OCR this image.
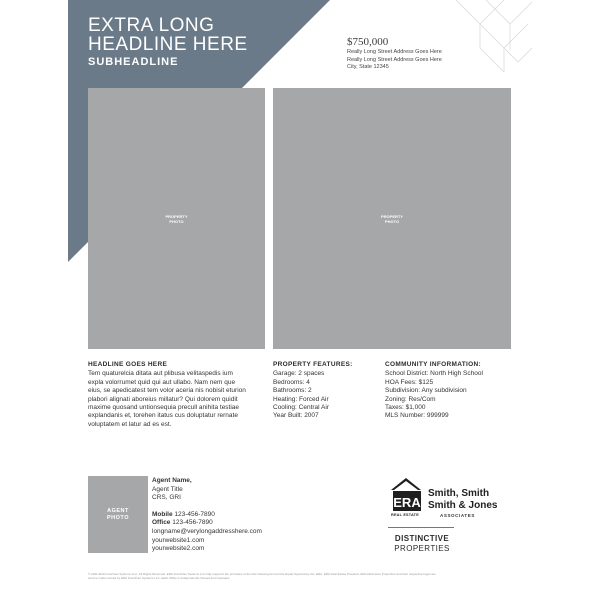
EXTRA LONG
HEADLINE HERE
SUBHEADLINE
$750,000
Really Long Street Address Goes Here
Really Long Street Address Goes Here
City, State 12345
PROPERTY
PHOTO
PROPERTY
PHOTO
HEADLINE GOES HERE
Tem quaturelcia ditata aut plibusa velitaspedis ium
expla volorrumet quid qui aut ullabo. Nam nem que
eius, se apedicatest tem volor aceria nis nobisit eturion
plabori alignati aboreius millatur? Qui dolorem quidit
maxime quosand untionsequia precull anihita testiae
explandanis et, torehen itatus cus doluptatur rernate
voluptatem et latur ad es est.
PROPERTY FEATURES:
Garage: 2 spaces
Bedrooms: 4
Bathrooms: 2
Heating: Forced Air
Cooling: Central Air
Year Built: 2007
COMMUNITY INFORMATION:
School District: North High School
HOA Fees: $125
Subdivision: Any subdivision
Zoning: Res/Com
Taxes: $1,000
MLS Number: 999999
AGENT
PHOTO
Agent Name,
Agent Title
CRS, GRI
Mobile 123-456-7890
Office 123-456-7890
longname@verylongaddresshere.com
yourwebsite1.com
yourwebsite2.com
ERA
REAL ESTATE
Smith, Smith
Smith & Jones
ASSOCIATES
DISTINCTIVE
PROPERTIES
© 2021 ERA Franchise Systems LLC. All Rights Reserved. ERA Franchise Systems LLC fully supports the principles of the Fair Housing Act and the Equal Opportunity Act. ERA, ERA Real Estate Powered, ERA Distinctive Properties and their respective logos are
service marks owned by ERA Franchise Systems LLC. Each Office is Independently Owned and Operated.
